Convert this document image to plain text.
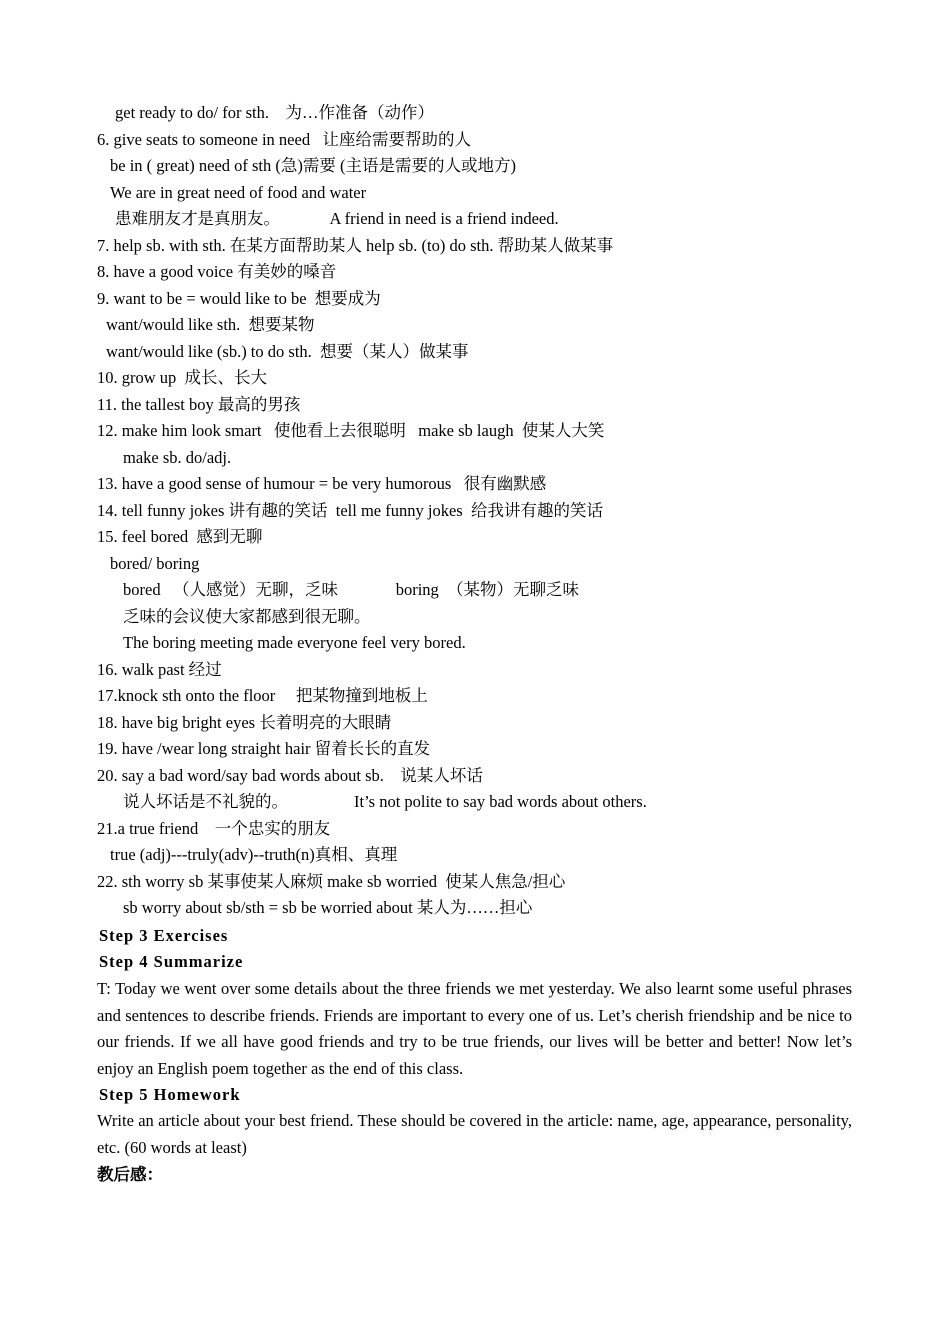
get ready to do/ for sth.    为…作准备（动作）
6. give seats to someone in need   让座给需要帮助的人
be in ( great) need of sth (急)需要 (主语是需要的人或地方)
We are in great need of food and water
患难朋友才是真朋友。            A friend in need is a friend indeed.
7. help sb. with sth. 在某方面帮助某人 help sb. (to) do sth. 帮助某人做某事
8. have a good voice 有美妙的嗓音
9. want to be = would like to be  想要成为
want/would like sth.  想要某物
want/would like (sb.) to do sth.  想要（某人）做某事
10. grow up  成长、长大
11. the tallest boy 最高的男孩
12. make him look smart   使他看上去很聪明   make sb laugh  使某人大笑
make sb. do/adj.
13. have a good sense of humour = be very humorous   很有幽默感
14. tell funny jokes 讲有趣的笑话  tell me funny jokes  给我讲有趣的笑话
15. feel bored  感到无聊
bored/ boring
bored   （人感觉）无聊，乏味              boring  （某物）无聊乏味
乏味的会议使大家都感到很无聊。
The boring meeting made everyone feel very bored.
16. walk past 经过
17.knock sth onto the floor     把某物撞到地板上
18. have big bright eyes 长着明亮的大眼睛
19. have /wear long straight hair 留着长长的直发
20. say a bad word/say bad words about sb.    说某人坏话
说人坏话是不礼貌的。                It’s not polite to say bad words about others.
21.a true friend    一个忠实的朋友
true (adj)---truly(adv)--truth(n)真相、真理
22. sth worry sb 某事使某人麻烦 make sb worried  使某人焦急/担心
sb worry about sb/sth = sb be worried about 某人为……担心
Step 3 Exercises
Step 4 Summarize
T: Today we went over some details about the three friends we met yesterday. We also learnt some useful phrases and sentences to describe friends. Friends are important to every one of us. Let’s cherish friendship and be nice to our friends. If we all have good friends and try to be true friends, our lives will be better and better! Now let’s enjoy an English poem together as the end of this class.
Step 5 Homework
Write an article about your best friend. These should be covered in the article: name, age, appearance, personality, etc. (60 words at least)
教后感：
